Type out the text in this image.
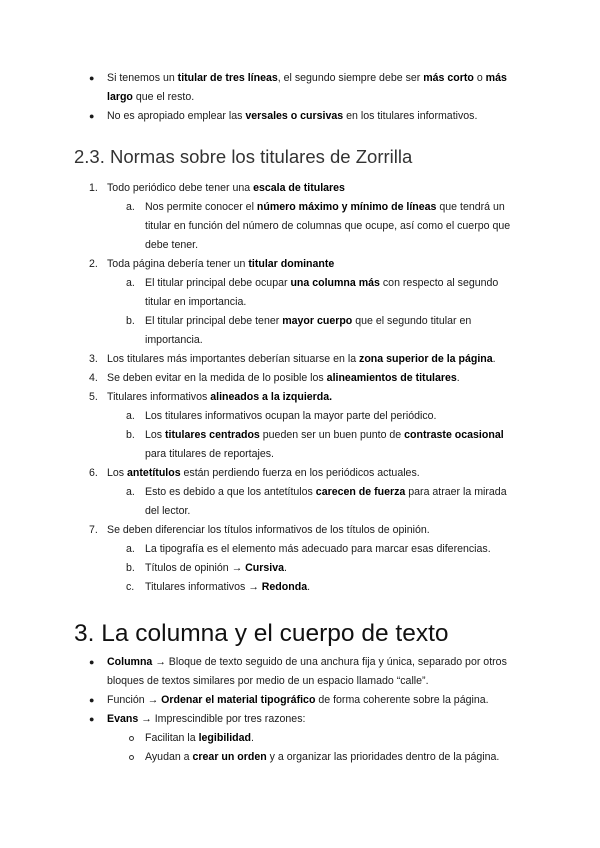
● Si tenemos un titular de tres líneas, el segundo siempre debe ser más corto o más
largo que el resto.
● No es apropiado emplear las versales o cursivas en los titulares informativos.
2.3. Normas sobre los titulares de Zorrilla
1. Todo periódico debe tener una escala de titulares
a. Nos permite conocer el número máximo y mínimo de líneas que tendrá un
titular en función del número de columnas que ocupe, así como el cuerpo que
debe tener.
2. Toda página debería tener un titular dominante
a. El titular principal debe ocupar una columna más con respecto al segundo
titular en importancia.
b. El titular principal debe tener mayor cuerpo que el segundo titular en
importancia.
3. Los titulares más importantes deberían situarse en la zona superior de la página.
4. Se deben evitar en la medida de lo posible los alineamientos de titulares.
5. Titulares informativos alineados a la izquierda.
a. Los titulares informativos ocupan la mayor parte del periódico.
b. Los titulares centrados pueden ser un buen punto de contraste ocasional
para titulares de reportajes.
6. Los antetítulos están perdiendo fuerza en los periódicos actuales.
a. Esto es debido a que los antetítulos carecen de fuerza para atraer la mirada
del lector.
7. Se deben diferenciar los títulos informativos de los títulos de opinión.
a. La tipografía es el elemento más adecuado para marcar esas diferencias.
b. Títulos de opinión → Cursiva.
c. Titulares informativos → Redonda.
3. La columna y el cuerpo de texto
● Columna → Bloque de texto seguido de una anchura fija y única, separado por otros
bloques de textos similares por medio de un espacio llamado “calle”.
● Función → Ordenar el material tipográfico de forma coherente sobre la página.
● Evans → Imprescindible por tres razones:
Facilitan la legibilidad.
Ayudan a crear un orden y a organizar las prioridades dentro de la página.
